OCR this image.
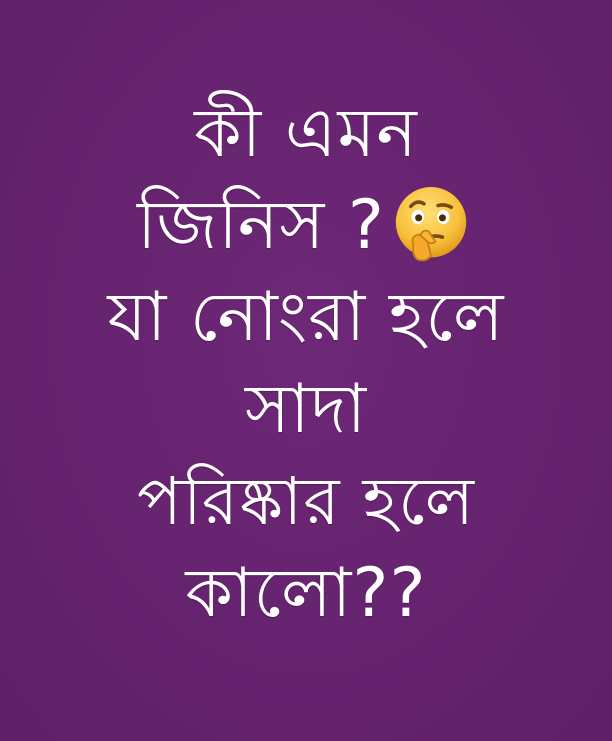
কী এমন
জিনিস ?
যা নোংরা হলে
সাদা
পরিষ্কার হলে
কালো??
